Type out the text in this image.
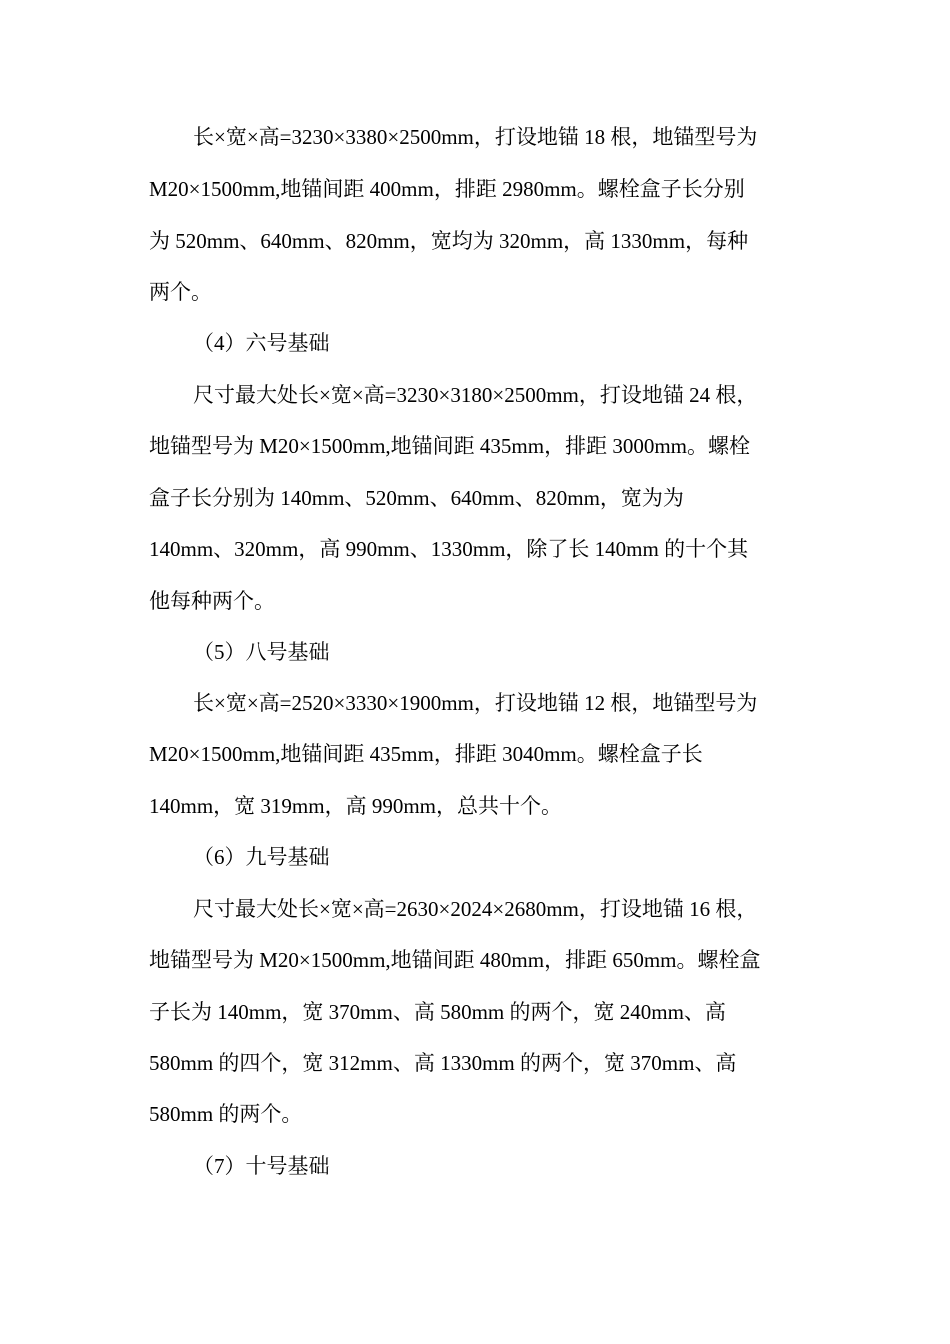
长×宽×高=3230×3380×2500mm，打设地锚 18 根，地锚型号为
M20×1500mm,地锚间距 400mm，排距 2980mm。螺栓盒子长分别
为 520mm、640mm、820mm，宽均为 320mm，高 1330mm，每种
两个。
（4）六号基础
尺寸最大处长×宽×高=3230×3180×2500mm，打设地锚 24 根，
地锚型号为 M20×1500mm,地锚间距 435mm，排距 3000mm。螺栓
盒子长分别为 140mm、520mm、640mm、820mm，宽为为
140mm、320mm，高 990mm、1330mm，除了长 140mm 的十个其
他每种两个。
（5）八号基础
长×宽×高=2520×3330×1900mm，打设地锚 12 根，地锚型号为
M20×1500mm,地锚间距 435mm，排距 3040mm。螺栓盒子长
140mm，宽 319mm，高 990mm，总共十个。
（6）九号基础
尺寸最大处长×宽×高=2630×2024×2680mm，打设地锚 16 根，
地锚型号为 M20×1500mm,地锚间距 480mm，排距 650mm。螺栓盒
子长为 140mm，宽 370mm、高 580mm 的两个，宽 240mm、高
580mm 的四个，宽 312mm、高 1330mm 的两个，宽 370mm、高
580mm 的两个。
（7）十号基础
